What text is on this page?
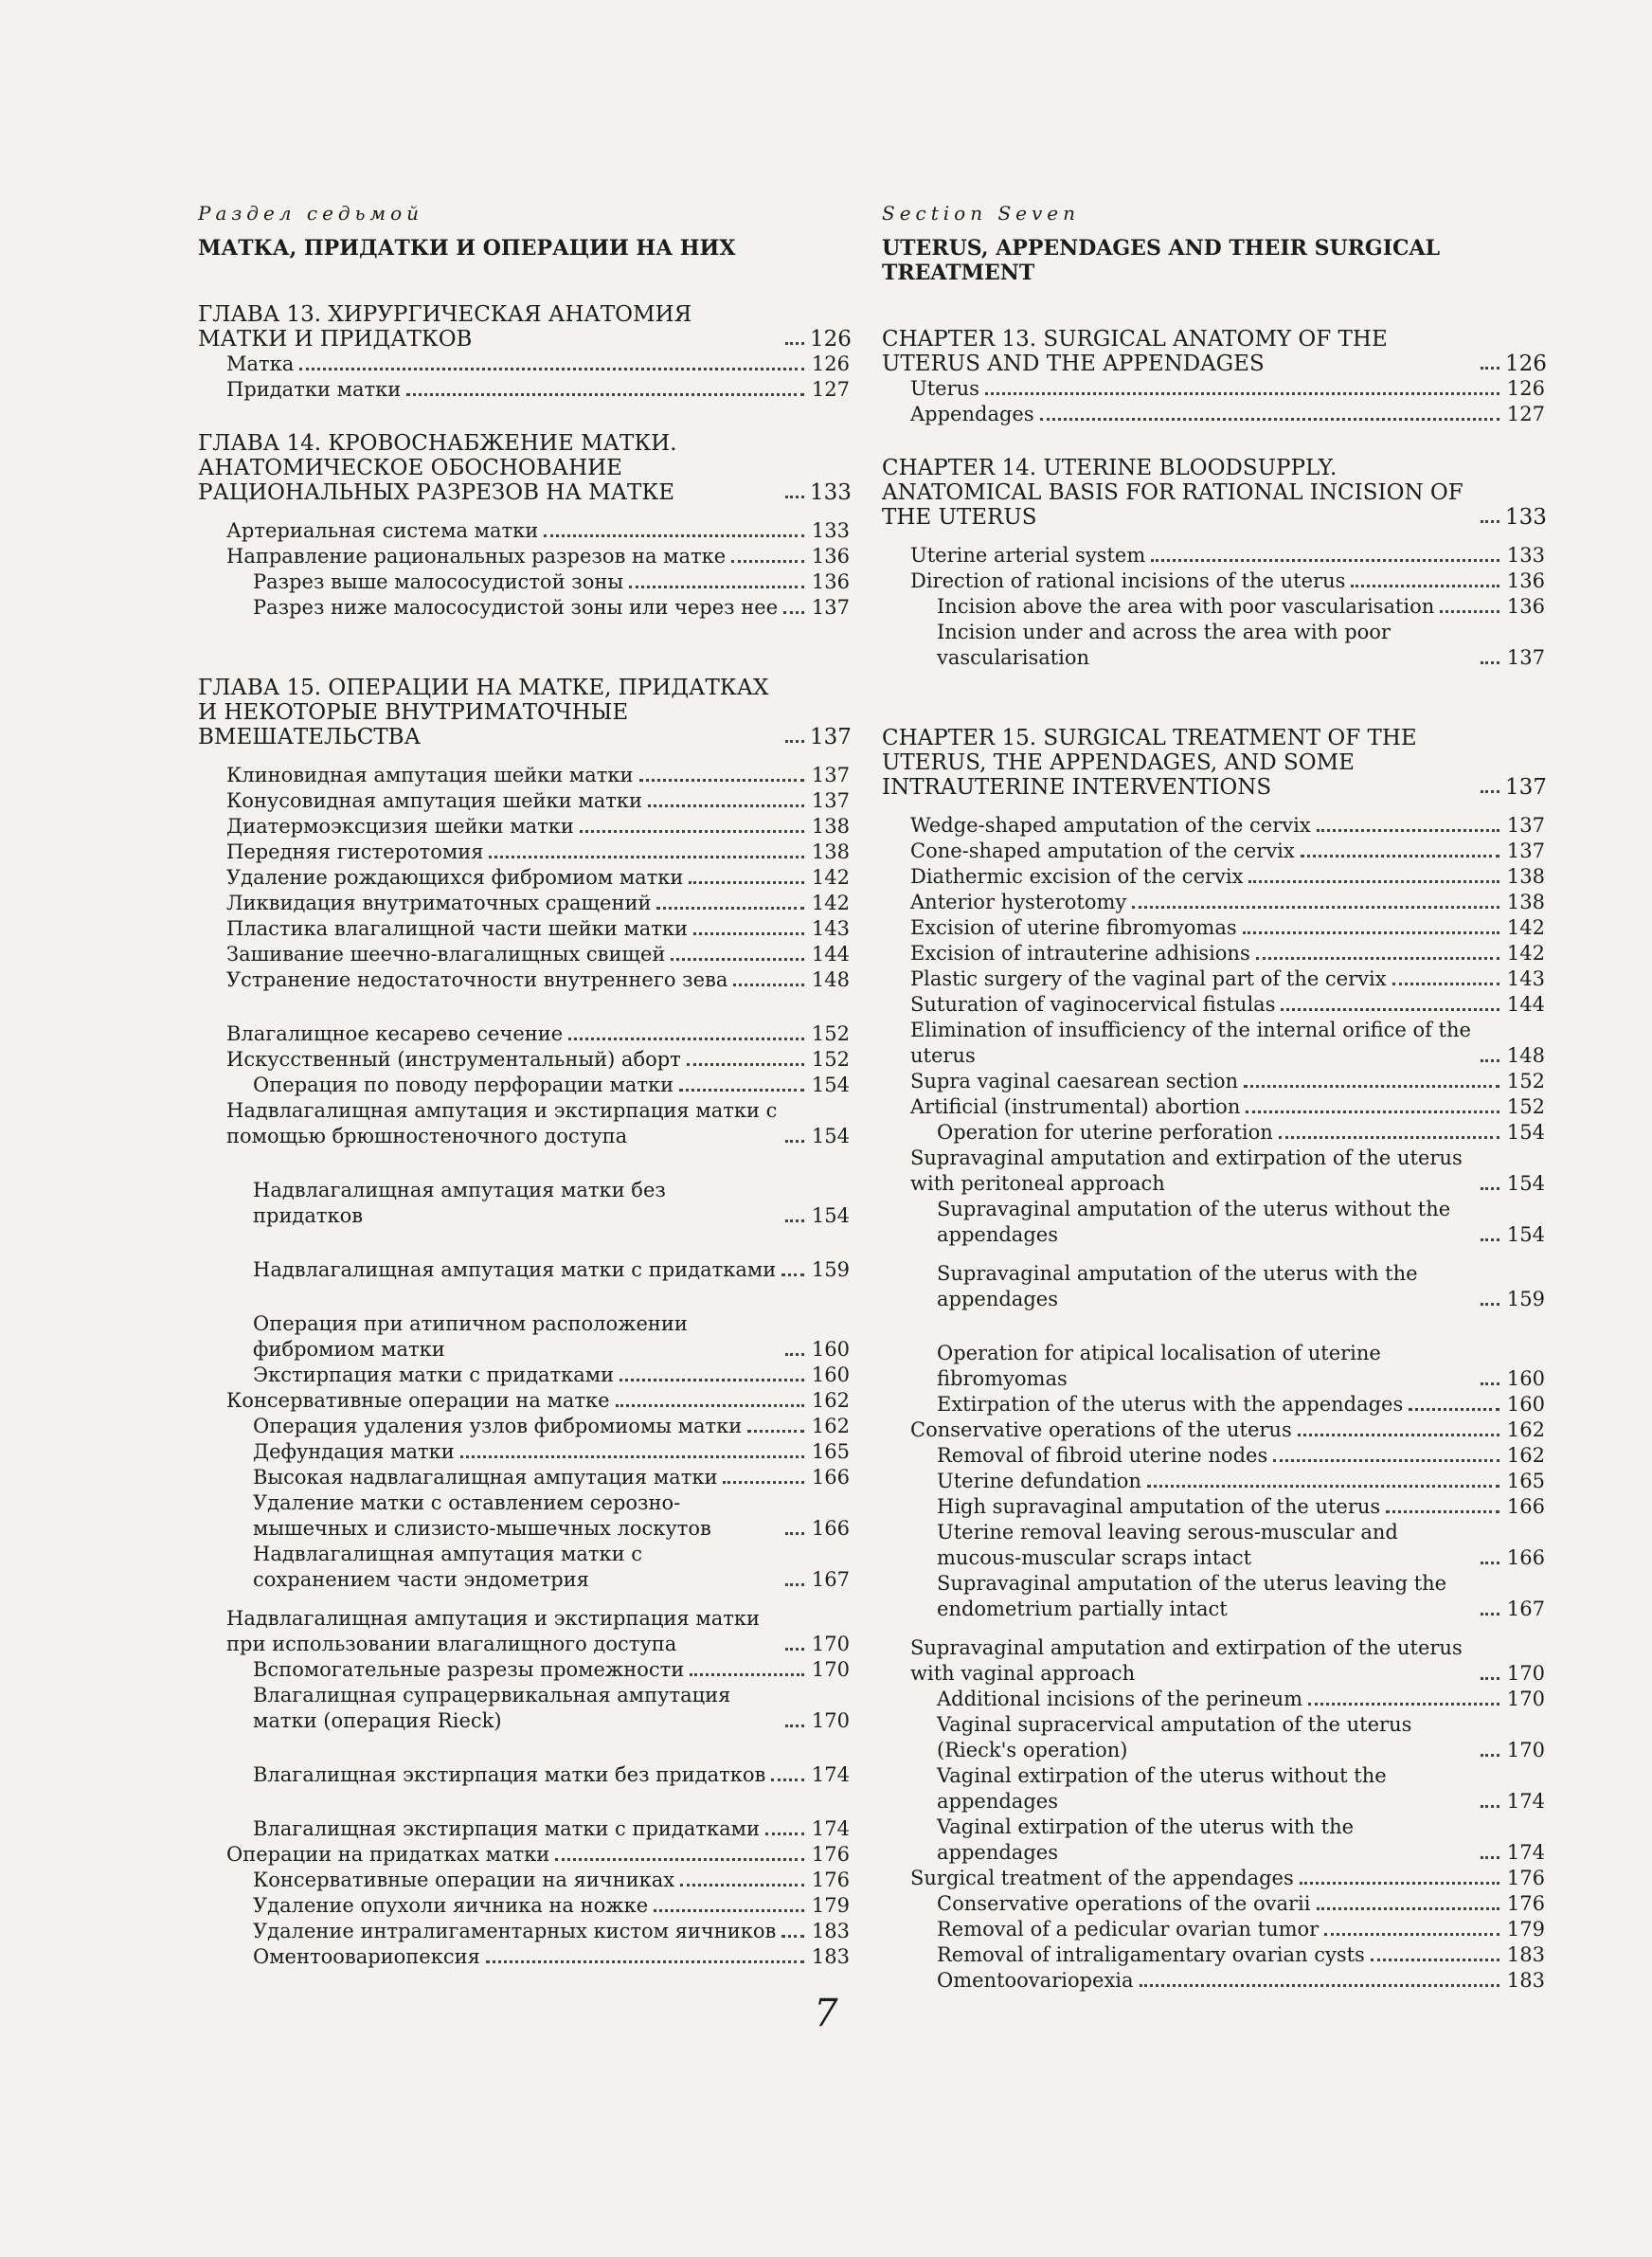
Раздел седьмой
МАТКА, ПРИДАТКИ И ОПЕРАЦИИ НА НИХ
ГЛАВА 13. ХИРУРГИЧЕСКАЯ АНАТОМИЯ МАТКИ И ПРИДАТКОВ	126
Матка	126
Придатки матки	127
ГЛАВА 14. КРОВОСНАБЖЕНИЕ МАТКИ. АНАТОМИЧЕСКОЕ ОБОСНОВАНИЕ РАЦИОНАЛЬНЫХ РАЗРЕЗОВ НА МАТКЕ	133
Артериальная система матки	133
Направление рациональных разрезов на матке	136
Разрез выше малососудистой зоны	136
Разрез ниже малососудистой зоны или через нее 137
ГЛАВА 15. ОПЕРАЦИИ НА МАТКЕ, ПРИДАТКАХ И НЕКОТОРЫЕ ВНУТРИМАТОЧНЫЕ ВМЕШАТЕЛЬСТВА	137
Клиновидная ампутация шейки матки	137
Конусовидная ампутация шейки матки	137
Диатермоэксцизия шейки матки	138
Передняя гистеротомия	138
Удаление рождающихся фибромиом матки	142
Ликвидация внутриматочных сращений	142
Пластика влагалищной части шейки матки	143
Зашивание шеечно-влагалищных свищей	144
Устранение недостаточности внутреннего зева	148
Влагалищное кесарево сечение	152
Искусственный (инструментальный) аборт	152
Операция по поводу перфорации матки	154
Надвлагалищная ампутация и экстирпация матки с помощью брюшностеночного доступа	154
Надвлагалищная ампутация матки без придатков	154
Надвлагалищная ампутация матки с придатками 159
Операция при атипичном расположении фибромиом матки	160
Экстирпация матки с придатками	160
Консервативные операции на матке	162
Операция удаления узлов фибромиомы матки	162
Дефундация матки	165
Высокая надвлагалищная ампутация матки	166
Удаление матки с оставлением серозно-мышечных и слизисто-мышечных лоскутов	166
Надвлагалищная ампутация матки с сохранением части эндометрия	167
Надвлагалищная ампутация и экстирпация матки при использовании влагалищного доступа	170
Вспомогательные разрезы промежности	170
Влагалищная супрацервикальная ампутация матки (операция Rieck)	170
Влагалищная экстирпация матки без придатков 174
Влагалищная экстирпация матки с придатками	174
Операции на придатках матки	176
Консервативные операции на яичниках	176
Удаление опухоли яичника на ножке	179
Удаление интралигаментарных кистом яичников 183
Оментоовариопексия	183
Section Seven
UTERUS, APPENDAGES AND THEIR SURGICAL TREATMENT
CHAPTER 13. SURGICAL ANATOMY OF THE UTERUS AND THE APPENDAGES	126
Uterus	126
Appendages	127
CHAPTER 14. UTERINE BLOODSUPPLY. ANATOMICAL BASIS FOR RATIONAL INCISION OF THE UTERUS	133
Uterine arterial system	133
Direction of rational incisions of the uterus	136
Incision above the area with poor vascularisation	136
Incision under and across the area with poor vascularisation	137
CHAPTER 15. SURGICAL TREATMENT OF THE UTERUS, THE APPENDAGES, AND SOME INTRAUTERINE INTERVENTIONS	137
Wedge-shaped amputation of the cervix	137
Cone-shaped amputation of the cervix	137
Diathermic excision of the cervix	138
Anterior hysterotomy	138
Excision of uterine fibromyomas	142
Excision of intrauterine adhisions	142
Plastic surgery of the vaginal part of the cervix	143
Suturation of vaginocervical fistulas	144
Elimination of insufficiency of the internal orifice of the uterus	148
Supra vaginal caesarean section	152
Artificial (instrumental) abortion	152
Operation for uterine perforation	154
Supravaginal amputation and extirpation of the uterus with peritoneal approach	154
Supravaginal amputation of the uterus without the appendages	154
Supravaginal amputation of the uterus with the appendages	159
Operation for atipical localisation of uterine fibromyomas	160
Extirpation of the uterus with the appendages	160
Conservative operations of the uterus	162
Removal of fibroid uterine nodes	162
Uterine defundation	165
High supravaginal amputation of the uterus	166
Uterine removal leaving serous-muscular and mucous-muscular scraps intact	166
Supravaginal amputation of the uterus leaving the endometrium partially intact	167
Supravaginal amputation and extirpation of the uterus with vaginal approach	170
Additional incisions of the perineum	170
Vaginal supracervical amputation of the uterus (Rieck's operation)	170
Vaginal extirpation of the uterus without the appendages	174
Vaginal extirpation of the uterus with the appendages	174
Surgical treatment of the appendages	176
Conservative operations of the ovarii	176
Removal of a pedicular ovarian tumor	179
Removal of intraligamentary ovarian cysts	183
Omentoovariopexia	183
7
